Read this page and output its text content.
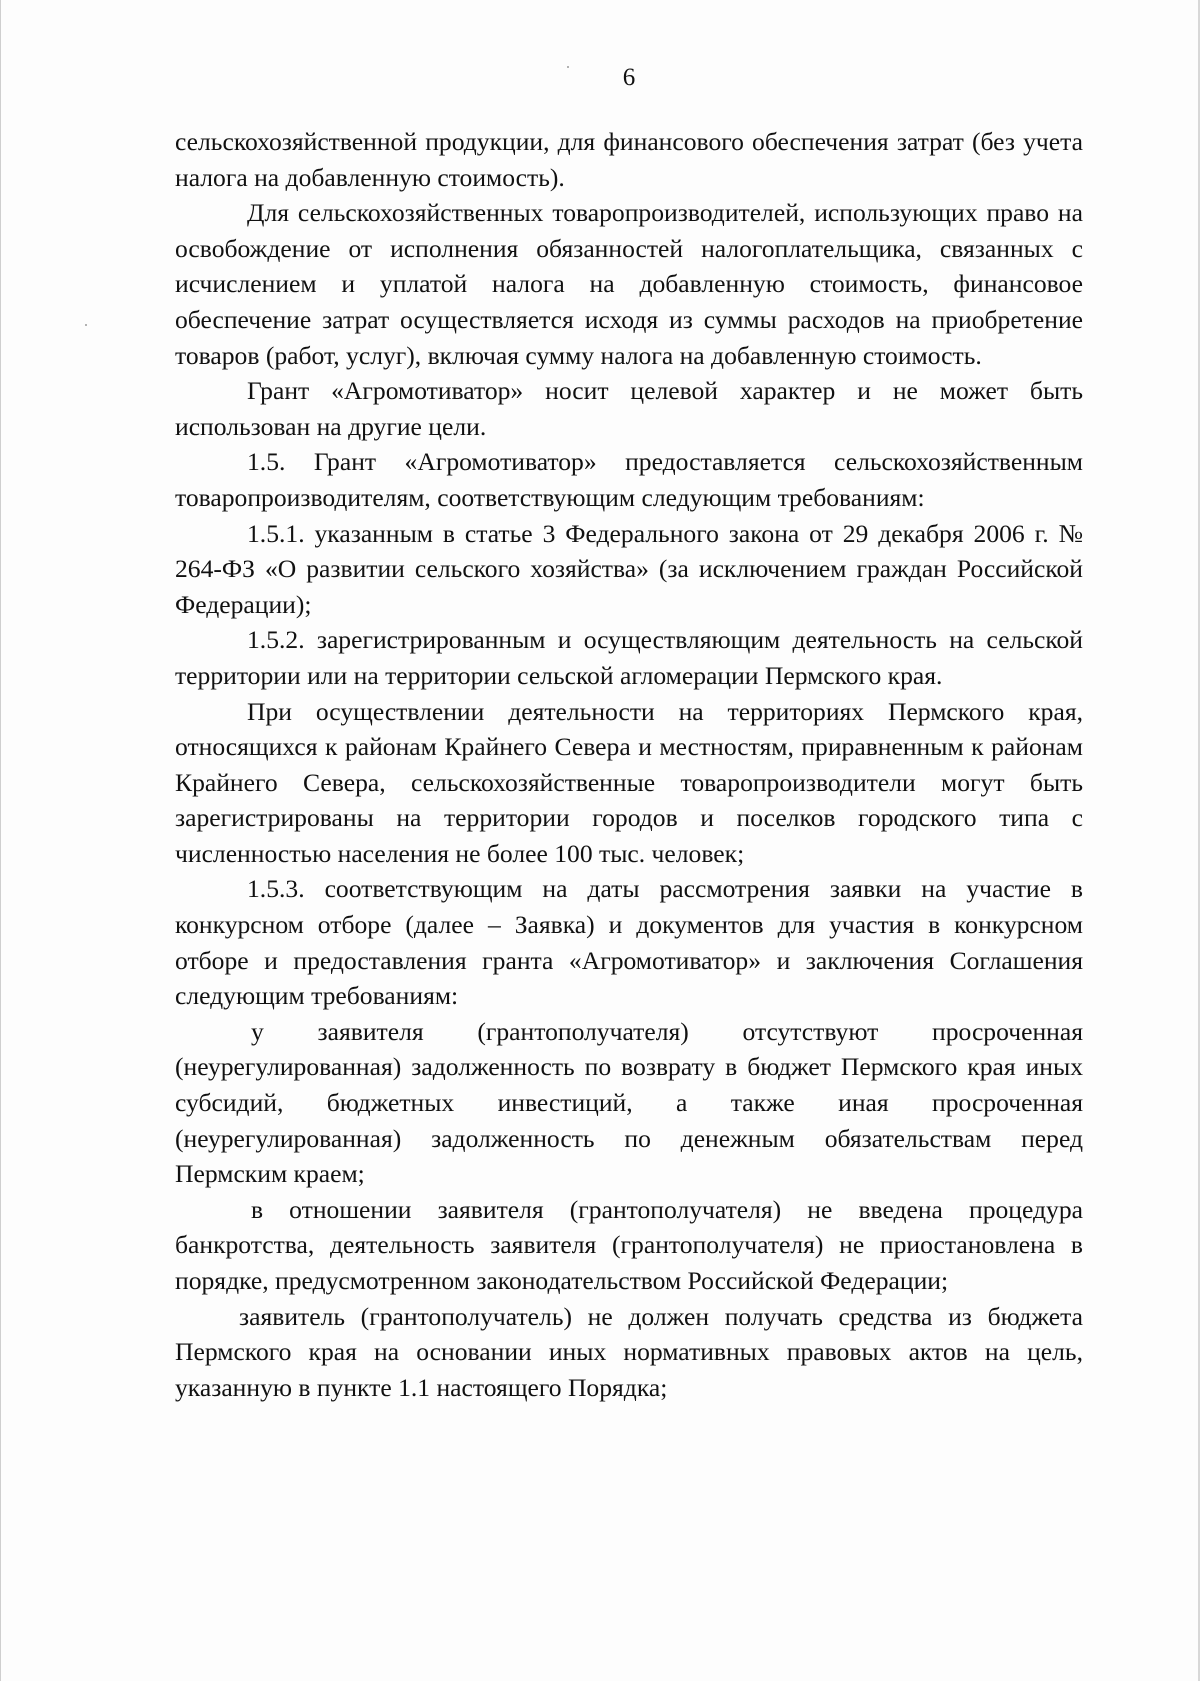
6

сельскохозяйственной продукции, для финансового обеспечения затрат (без учета налога на добавленную стоимость).

Для сельскохозяйственных товаропроизводителей, использующих право на освобождение от исполнения обязанностей налогоплательщика, связанных с исчислением и уплатой налога на добавленную стоимость, финансовое обеспечение затрат осуществляется исходя из суммы расходов на приобретение товаров (работ, услуг), включая сумму налога на добавленную стоимость.

Грант «Агромотиватор» носит целевой характер и не может быть использован на другие цели.

1.5. Грант «Агромотиватор» предоставляется сельскохозяйственным товаропроизводителям, соответствующим следующим требованиям:

1.5.1. указанным в статье 3 Федерального закона от 29 декабря 2006 г. № 264-ФЗ «О развитии сельского хозяйства» (за исключением граждан Российской Федерации);

1.5.2. зарегистрированным и осуществляющим деятельность на сельской территории или на территории сельской агломерации Пермского края.

При осуществлении деятельности на территориях Пермского края, относящихся к районам Крайнего Севера и местностям, приравненным к районам Крайнего Севера, сельскохозяйственные товаропроизводители могут быть зарегистрированы на территории городов и поселков городского типа с численностью населения не более 100 тыс. человек;

1.5.3. соответствующим на даты рассмотрения заявки на участие в конкурсном отборе (далее – Заявка) и документов для участия в конкурсном отборе и предоставления гранта «Агромотиватор» и заключения Соглашения следующим требованиям:

у заявителя (грантополучателя) отсутствуют просроченная (неурегулированная) задолженность по возврату в бюджет Пермского края иных субсидий, бюджетных инвестиций, а также иная просроченная (неурегулированная) задолженность по денежным обязательствам перед Пермским краем;

в отношении заявителя (грантополучателя) не введена процедура банкротства, деятельность заявителя (грантополучателя) не приостановлена в порядке, предусмотренном законодательством Российской Федерации;

заявитель (грантополучатель) не должен получать средства из бюджета Пермского края на основании иных нормативных правовых актов на цель, указанную в пункте 1.1 настоящего Порядка;
